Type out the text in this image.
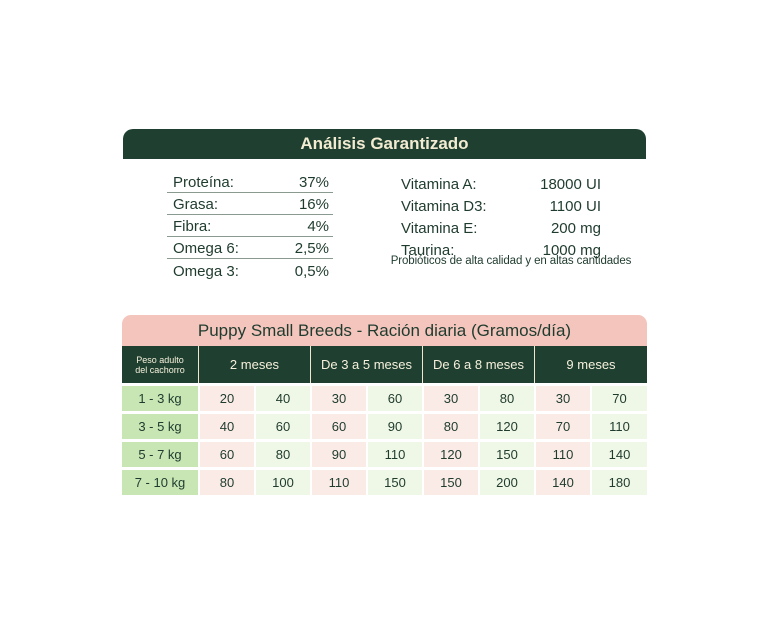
Análisis Garantizado
Proteína:	37%
Grasa:	16%
Fibra:	4%
Omega 6:	2,5%
Omega 3:	0,5%
Vitamina A:	18000 UI
Vitamina D3:	1100 UI
Vitamina E:	200 mg
Taurina:	1000 mg
Probióticos de alta calidad y en altas cantidades
Puppy Small Breeds - Ración diaria (Gramos/día)
Peso adulto
del cachorro	2 meses	De 3 a 5 meses	De 6 a 8 meses	9 meses
1 - 3 kg	20	40	30	60	30	80	30	70
3 - 5 kg	40	60	60	90	80	120	70	110
5 - 7 kg	60	80	90	110	120	150	110	140
7 - 10 kg	80	100	110	150	150	200	140	180
